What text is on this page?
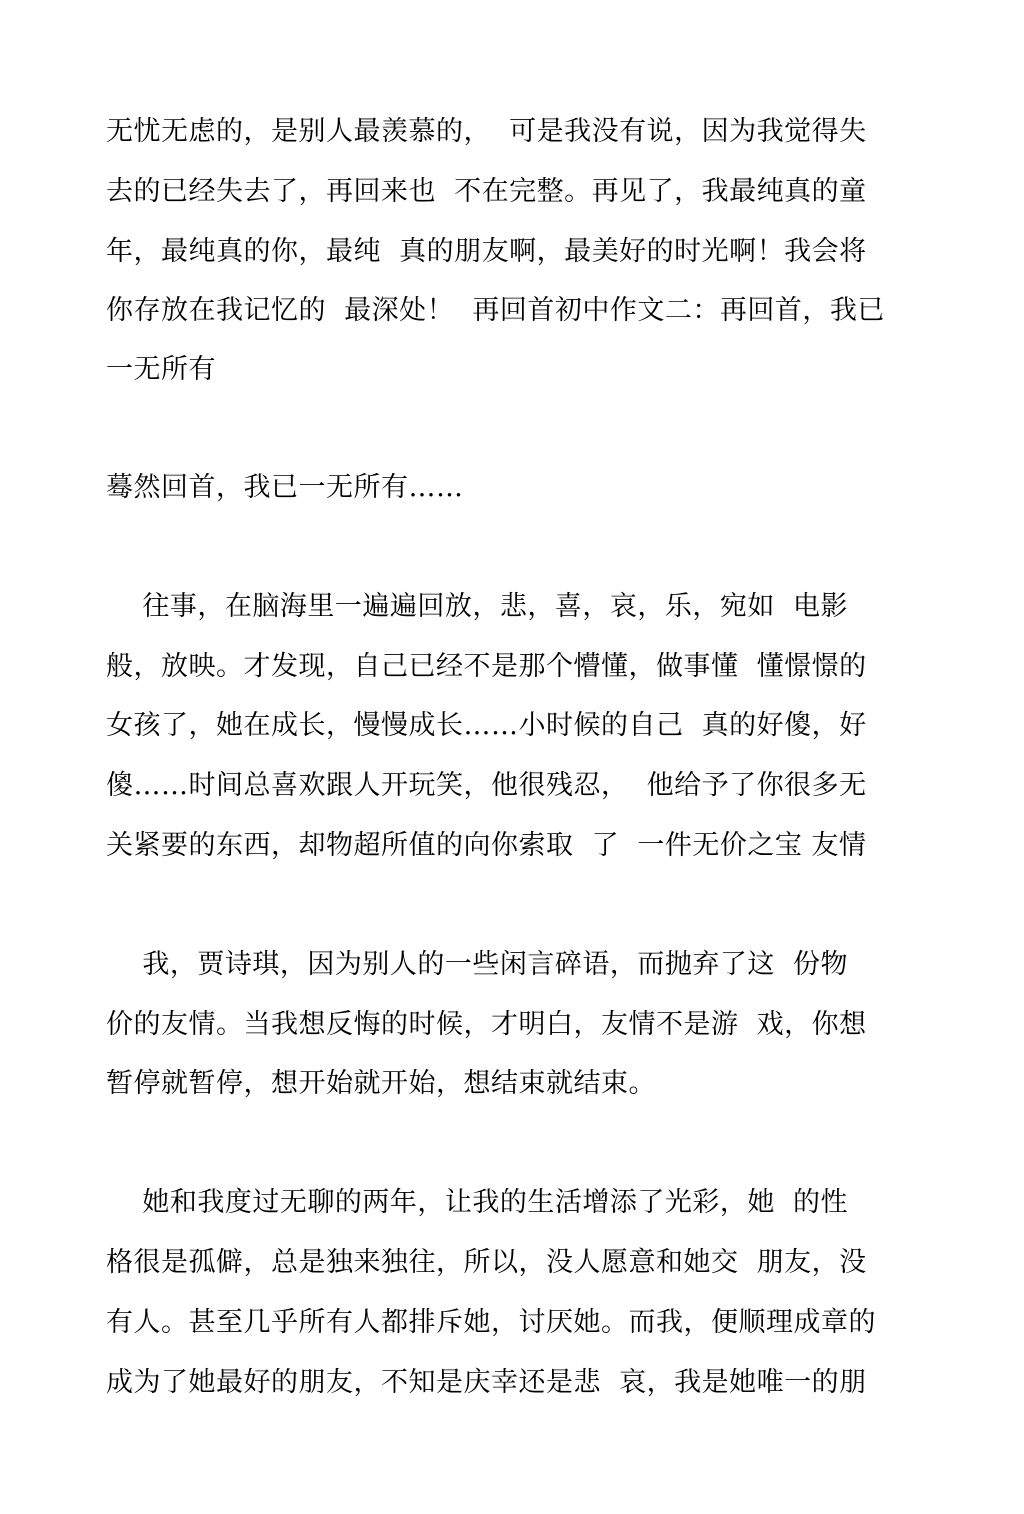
无忧无虑的，是别人最羡慕的，  可是我没有说，因为我觉得失
去的已经失去了，再回来也  不在完整。再见了，我最纯真的童
年，最纯真的你，最纯  真的朋友啊，最美好的时光啊！我会将
你存放在我记忆的  最深处！  再回首初中作文二：再回首，我已
一无所有
蓦然回首，我已一无所有……
往事，在脑海里一遍遍回放，悲，喜，哀，乐，宛如  电影
般，放映。才发现，自己已经不是那个懵懂，做事懂  懂憬憬的
女孩了，她在成长，慢慢成长……小时候的自己  真的好傻，好
傻……时间总喜欢跟人开玩笑，他很残忍，  他给予了你很多无
关紧要的东西，却物超所值的向你索取  了  一件无价之宝 友情
我，贾诗琪，因为别人的一些闲言碎语，而抛弃了这  份物
价的友情。当我想反悔的时候，才明白，友情不是游  戏，你想
暂停就暂停，想开始就开始，想结束就结束。
她和我度过无聊的两年，让我的生活增添了光彩，她  的性
格很是孤僻，总是独来独往，所以，没人愿意和她交  朋友，没
有人。甚至几乎所有人都排斥她，讨厌她。而我，便顺理成章的
成为了她最好的朋友，不知是庆幸还是悲  哀，我是她唯一的朋
